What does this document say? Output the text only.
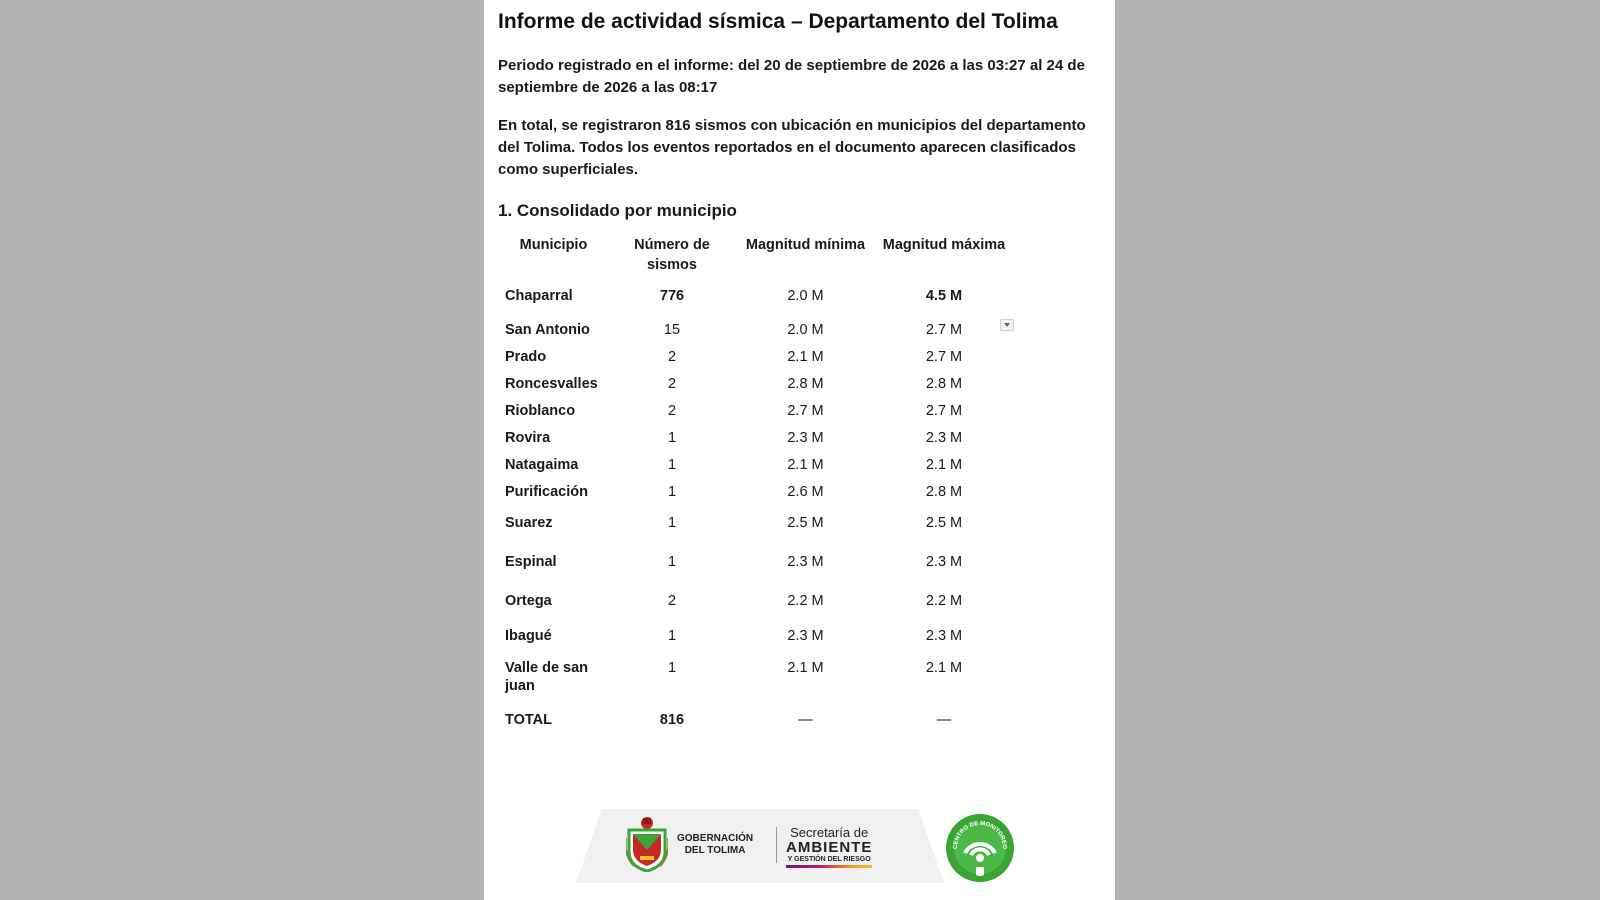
Informe de actividad sísmica – Departamento del Tolima

Periodo registrado en el informe: del 20 de septiembre de 2026 a las 03:27 al 24 de septiembre de 2026 a las 08:17

En total, se registraron 816 sismos con ubicación en municipios del departamento del Tolima. Todos los eventos reportados en el documento aparecen clasificados como superficiales.

1. Consolidado por municipio
Municipio	Número de sismos	Magnitud mínima	Magnitud máxima
Chaparral	776	2.0 M	4.5 M
San Antonio	15	2.0 M	2.7 M
Prado	2	2.1 M	2.7 M
Roncesvalles	2	2.8 M	2.8 M
Rioblanco	2	2.7 M	2.7 M
Rovira	1	2.3 M	2.3 M
Natagaima	1	2.1 M	2.1 M
Purificación	1	2.6 M	2.8 M
Suarez	1	2.5 M	2.5 M
Espinal	1	2.3 M	2.3 M
Ortega	2	2.2 M	2.2 M
Ibagué	1	2.3 M	2.3 M
Valle de san juan	1	2.1 M	2.1 M
TOTAL	816	—	—
GOBERNACIÓN
DEL TOLIMA
Secretaría de
AMBIENTE
Y GESTIÓN DEL RIESGO
CENTRO DE MONITOREO
